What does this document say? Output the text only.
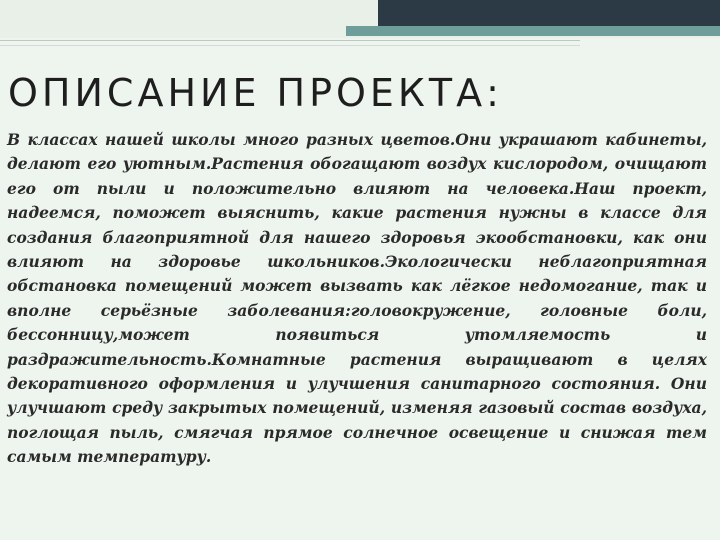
ОПИСАНИЕ ПРОЕКТА:

В классах нашей школы много разных цветов.Они украшают кабинеты, делают его уютным.Растения обогащают воздух кислородом, очищают его от пыли и положительно влияют на человека.Наш проект, надеемся, поможет выяснить, какие растения нужны в классе для создания благоприятной для нашего здоровья экообстановки, как они влияют на здоровье школьников.Экологически неблагоприятная обстановка помещений может вызвать как лёгкое недомогание, так и вполне серьёзные заболевания:головокружение, головные боли, бессонницу,может появиться утомляемость и раздражительность.Комнатные растения выращивают в целях декоративного оформления и улучшения санитарного состояния. Они улучшают среду закрытых помещений, изменяя газовый состав воздуха, поглощая пыль, смягчая прямое солнечное освещение и снижая тем самым температуру.
